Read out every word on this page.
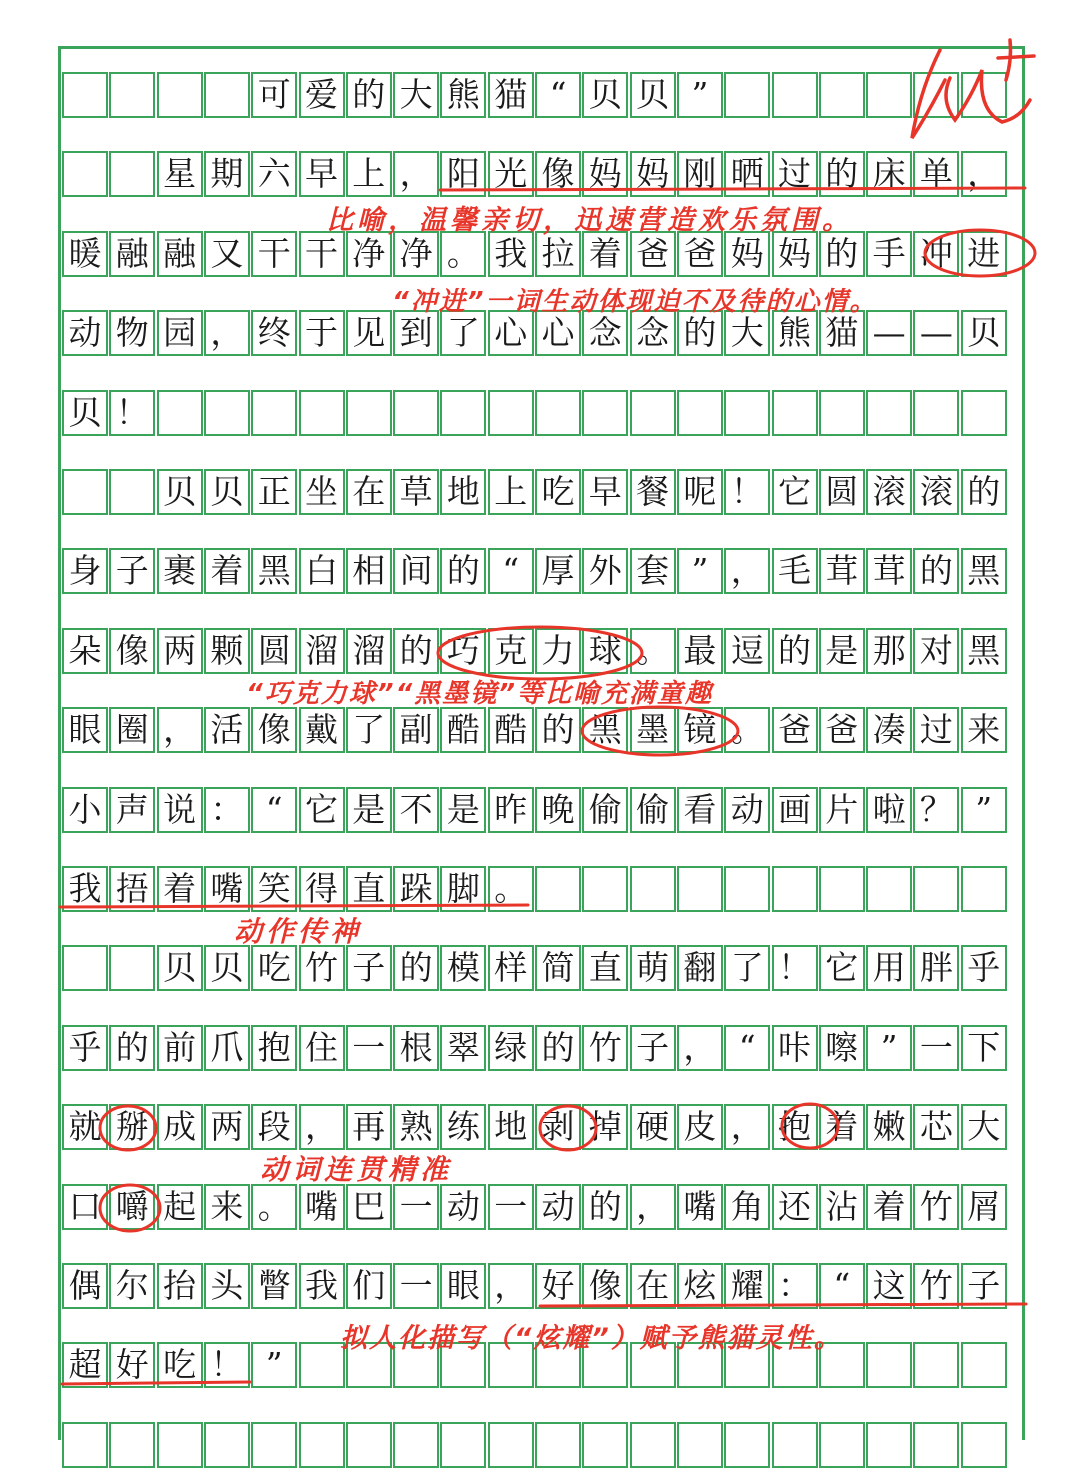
可 爱 的 大 熊 猫 “ 贝 贝 ”
星 期 六 早 上 ， 阳 光 像 妈 妈 刚 晒 过 的 床 单 ，
暖 融 融 又 干 干 净 净 。 我 拉 着 爸 爸 妈 妈 的 手 冲 进
动 物 园 ， 终 于 见 到 了 心 心 念 念 的 大 熊 猫 — — 贝
贝 ！
贝 贝 正 坐 在 草 地 上 吃 早 餐 呢 ！ 它 圆 滚 滚 的
身 子 裹 着 黑 白 相 间 的 “ 厚 外 套 ” ， 毛 茸 茸 的 黑
朵 像 两 颗 圆 溜 溜 的 巧 克 力 球 。 最 逗 的 是 那 对 黑
眼 圈 ， 活 像 戴 了 副 酷 酷 的 黑 墨 镜 。 爸 爸 凑 过 来
小 声 说 ： “ 它 是 不 是 昨 晚 偷 偷 看 动 画 片 啦 ？ ”
我 捂 着 嘴 笑 得 直 跺 脚 。
贝 贝 吃 竹 子 的 模 样 简 直 萌 翻 了 ！ 它 用 胖 乎
乎 的 前 爪 抱 住 一 根 翠 绿 的 竹 子 ， “ 咔 嚓 ” 一 下
就 掰 成 两 段 ， 再 熟 练 地 剥 掉 硬 皮 ， 抱 着 嫩 芯 大
口 嚼 起 来 。 嘴 巴 一 动 一 动 的 ， 嘴 角 还 沾 着 竹 屑
偶 尔 抬 头 瞥 我 们 一 眼 ， 好 像 在 炫 耀 ： “ 这 竹 子
超 好 吃 ！ ”
比喻，温馨亲切，迅速营造欢乐氛围。
“冲进”一词生动体现迫不及待的心情。
“巧克力球”“黑墨镜”等比喻充满童趣
动作传神
动词连贯精准
拟人化描写（“炫耀”）赋予熊猫灵性。
